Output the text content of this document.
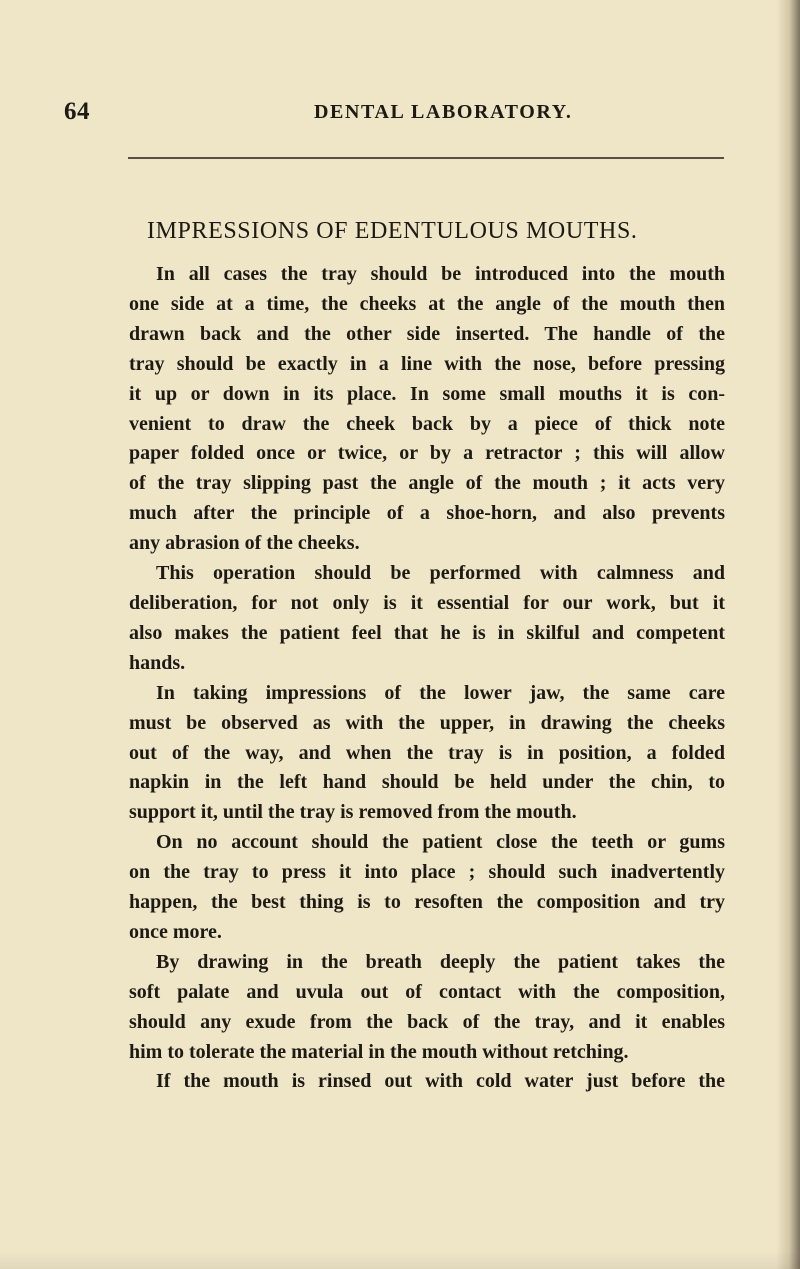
64	DENTAL LABORATORY.
IMPRESSIONS OF EDENTULOUS MOUTHS.
In all cases the tray should be introduced into the mouth
one side at a time, the cheeks at the angle of the mouth then
drawn back and the other side inserted. The handle of the
tray should be exactly in a line with the nose, before pressing
it up or down in its place. In some small mouths it is con-
venient to draw the cheek back by a piece of thick note
paper folded once or twice, or by a retractor ; this will allow
of the tray slipping past the angle of the mouth ; it acts very
much after the principle of a shoe-horn, and also prevents
any abrasion of the cheeks.
This operation should be performed with calmness and
deliberation, for not only is it essential for our work, but it
also makes the patient feel that he is in skilful and competent
hands.
In taking impressions of the lower jaw, the same care
must be observed as with the upper, in drawing the cheeks
out of the way, and when the tray is in position, a folded
napkin in the left hand should be held under the chin, to
support it, until the tray is removed from the mouth.
On no account should the patient close the teeth or gums
on the tray to press it into place ; should such inadvertently
happen, the best thing is to resoften the composition and try
once more.
By drawing in the breath deeply the patient takes the
soft palate and uvula out of contact with the composition,
should any exude from the back of the tray, and it enables
him to tolerate the material in the mouth without retching.
If the mouth is rinsed out with cold water just before the
